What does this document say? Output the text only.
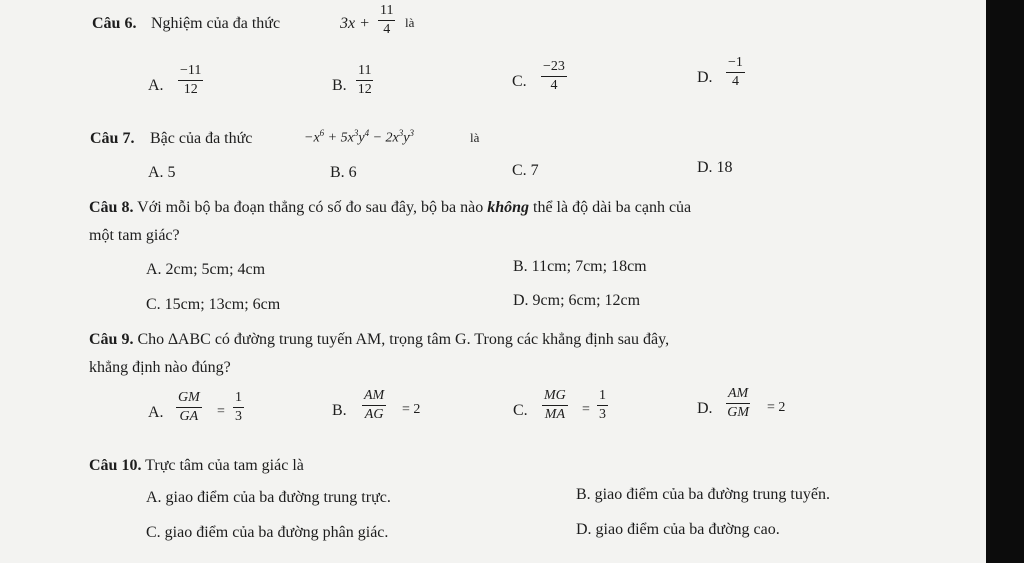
Câu 6. Nghiệm của đa thức	$3x + \frac{11}{4}$ là
A. $\frac{-11}{12}$	B. $\frac{11}{12}$	C. $\frac{-23}{4}$	D. $\frac{-1}{4}$
Câu 7. Bậc của đa thức	$-x^6 + 5x^3y^4 - 2x^3y^3$	là
A. 5	B. 6	C. 7	D. 18
Câu 8. Với mỗi bộ ba đoạn thẳng có số đo sau đây, bộ ba nào không thể là độ dài ba cạnh của
một tam giác?
A. 2cm; 5cm; 4cm	B. 11cm; 7cm; 18cm
C. 15cm; 13cm; 6cm	D. 9cm; 6cm; 12cm
Câu 9. Cho ∆ABC có đường trung tuyến AM, trọng tâm G. Trong các khẳng định sau đây,
khẳng định nào đúng?
A. $\frac{GM}{GA} = \frac{1}{3}$	B. $\frac{AM}{AG} = 2$	C. $\frac{MG}{MA} = \frac{1}{3}$	D. $\frac{AM}{GM} = 2$
Câu 10. Trực tâm của tam giác là
A. giao điểm của ba đường trung trực.	B. giao điểm của ba đường trung tuyến.
C. giao điểm của ba đường phân giác.	D. giao điểm của ba đường cao.
